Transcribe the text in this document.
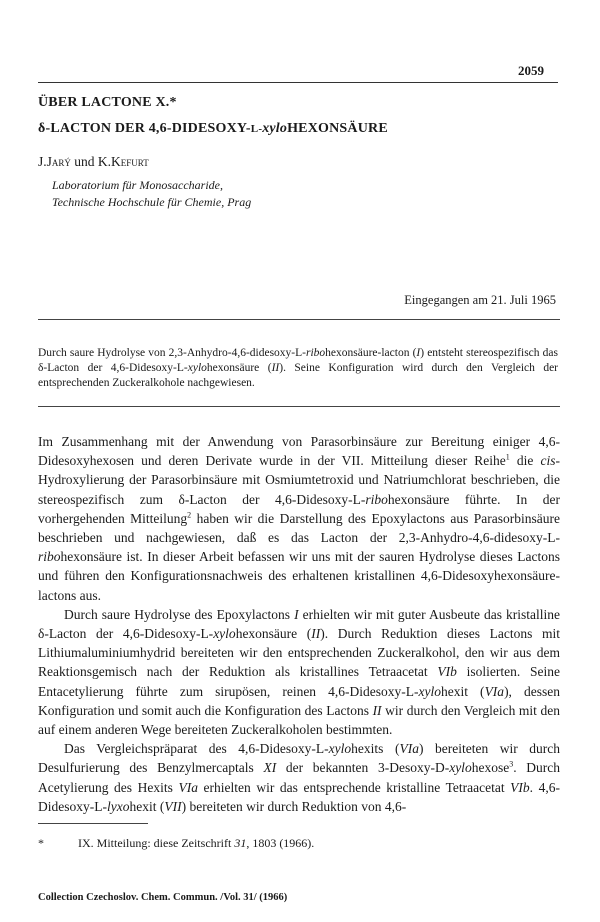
2059
ÜBER LACTONE X.*
δ-LACTON DER 4,6-DIDESOXY-L-xyloHEXONSÄURE
J.Jarý und K.Kefurt
Laboratorium für Monosaccharide,
Technische Hochschule für Chemie, Prag
Eingegangen am 21. Juli 1965
Durch saure Hydrolyse von 2,3-Anhydro-4,6-didesoxy-L-ribohexonsäure-lacton (I) entsteht stereospezifisch das δ-Lacton der 4,6-Didesoxy-L-xylohexonsäure (II). Seine Konfiguration wird durch den Vergleich der entsprechenden Zuckeralkohole nachgewiesen.

Im Zusammenhang mit der Anwendung von Parasorbinsäure zur Bereitung einiger 4,6-Didesoxyhexosen und deren Derivate wurde in der VII. Mitteilung dieser Reihe$^1$ die cis-Hydroxylierung der Parasorbinsäure mit Osmiumtetroxid und Natriumchlorat beschrieben, die stereospezifisch zum δ-Lacton der 4,6-Didesoxy-L-ribohexonsäure führte. In der vorhergehenden Mitteilung$^2$ haben wir die Darstellung des Epoxylactons aus Parasorbinsäure beschrieben und nachgewiesen, daß es das Lacton der 2,3-Anhydro-4,6-didesoxy-L-ribohexonsäure ist. In dieser Arbeit befassen wir uns mit der sauren Hydrolyse dieses Lactons und führen den Konfigurationsnachweis des erhaltenen kristallinen 4,6-Didesoxyhexonsäure-lactons aus.

Durch saure Hydrolyse des Epoxylactons I erhielten wir mit guter Ausbeute das kristalline δ-Lacton der 4,6-Didesoxy-L-xylohexonsäure (II). Durch Reduktion dieses Lactons mit Lithiumaluminiumhydrid bereiteten wir den entsprechenden Zuckeralkohol, den wir aus dem Reaktionsgemisch nach der Reduktion als kristallines Tetraacetat VIb isolierten. Seine Entacetylierung führte zum sirupösen, reinen 4,6-Didesoxy-L-xylohexit (VIa), dessen Konfiguration und somit auch die Konfiguration des Lactons II wir durch den Vergleich mit den auf einem anderen Wege bereiteten Zuckeralkoholen bestimmten.

Das Vergleichspräparat des 4,6-Didesoxy-L-xylohexits (VIa) bereiteten wir durch Desulfurierung des Benzylmercaptals XI der bekannten 3-Desoxy-D-xylohexose$^3$. Durch Acetylierung des Hexits VIa erhielten wir das entsprechende kristalline Tetraacetat VIb. 4,6-Didesoxy-L-lyxohexit (VII) bereiteten wir durch Reduktion von 4,6-

*	IX. Mitteilung: diese Zeitschrift 31, 1803 (1966).
Collection Czechoslov. Chem. Commun. /Vol. 31/ (1966)
